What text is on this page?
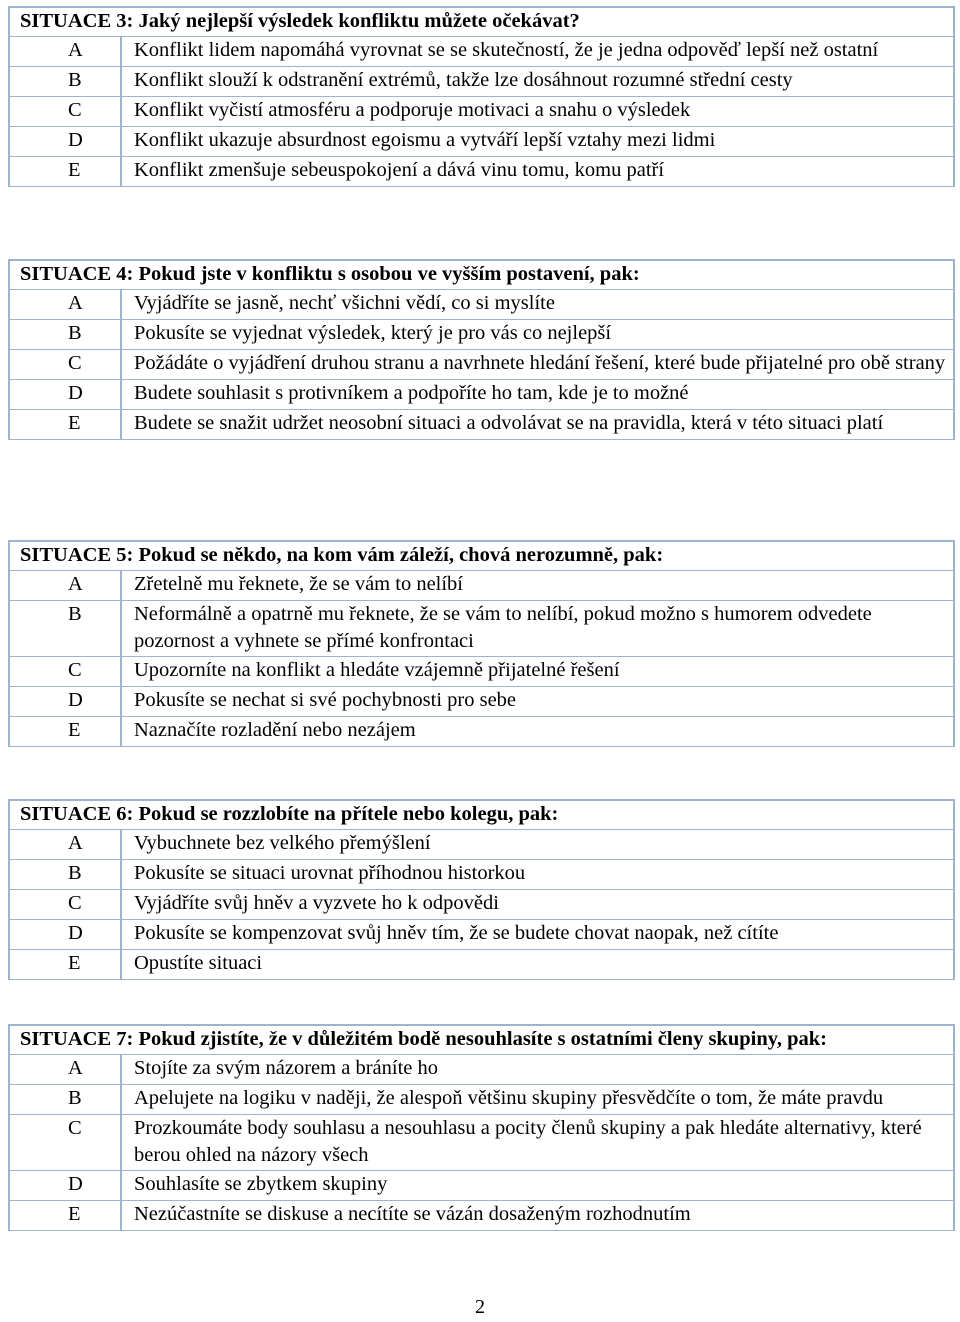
SITUACE 3: Jaký nejlepší výsledek konfliktu můžete očekávat?	
A	Konflikt lidem napomáhá vyrovnat se se skutečností, že je jedna odpověď lepší než ostatní
B	Konflikt slouží k odstranění extrémů, takže lze dosáhnout rozumné střední cesty
C	Konflikt vyčistí atmosféru a podporuje motivaci a snahu o výsledek
D	Konflikt ukazuje absurdnost egoismu a vytváří lepší vztahy mezi lidmi
E	Konflikt zmenšuje sebeuspokojení a dává vinu tomu, komu patří
SITUACE 4: Pokud jste v konfliktu s osobou ve vyšším postavení, pak:	
A	Vyjádříte se jasně, nechť všichni vědí, co si myslíte
B	Pokusíte se vyjednat výsledek, který je pro vás co nejlepší
C	Požádáte o vyjádření druhou stranu a navrhnete hledání řešení, které bude přijatelné pro obě strany
D	Budete souhlasit s protivníkem a podpoříte ho tam, kde je to možné
E	Budete se snažit udržet neosobní situaci a odvolávat se na pravidla, která v této situaci platí
SITUACE 5: Pokud se někdo, na kom vám záleží, chová nerozumně, pak:	
A	Zřetelně mu řeknete, že se vám to nelíbí
B	Neformálně a opatrně mu řeknete, že se vám to nelíbí, pokud možno s humorem odvedete pozornost a vyhnete se přímé konfrontaci
C	Upozorníte na konflikt a hledáte vzájemně přijatelné řešení
D	Pokusíte se nechat si své pochybnosti pro sebe
E	Naznačíte rozladění nebo nezájem
SITUACE 6: Pokud se rozzlobíte na přítele nebo kolegu, pak:	
A	Vybuchnete bez velkého přemýšlení
B	Pokusíte se situaci urovnat příhodnou historkou
C	Vyjádříte svůj hněv a vyzvete ho k odpovědi
D	Pokusíte se kompenzovat svůj hněv tím, že se budete chovat naopak, než cítíte
E	Opustíte situaci
SITUACE 7: Pokud zjistíte, že v důležitém bodě nesouhlasíte s ostatními členy skupiny, pak:	
A	Stojíte za svým názorem a bráníte ho
B	Apelujete na logiku v naději, že alespoň většinu skupiny přesvědčíte o tom, že máte pravdu
C	Prozkoumáte body souhlasu a nesouhlasu a pocity členů skupiny a pak hledáte alternativy, které berou ohled na názory všech
D	Souhlasíte se zbytkem skupiny
E	Nezúčastníte se diskuse a necítíte se vázán dosaženým rozhodnutím
2
